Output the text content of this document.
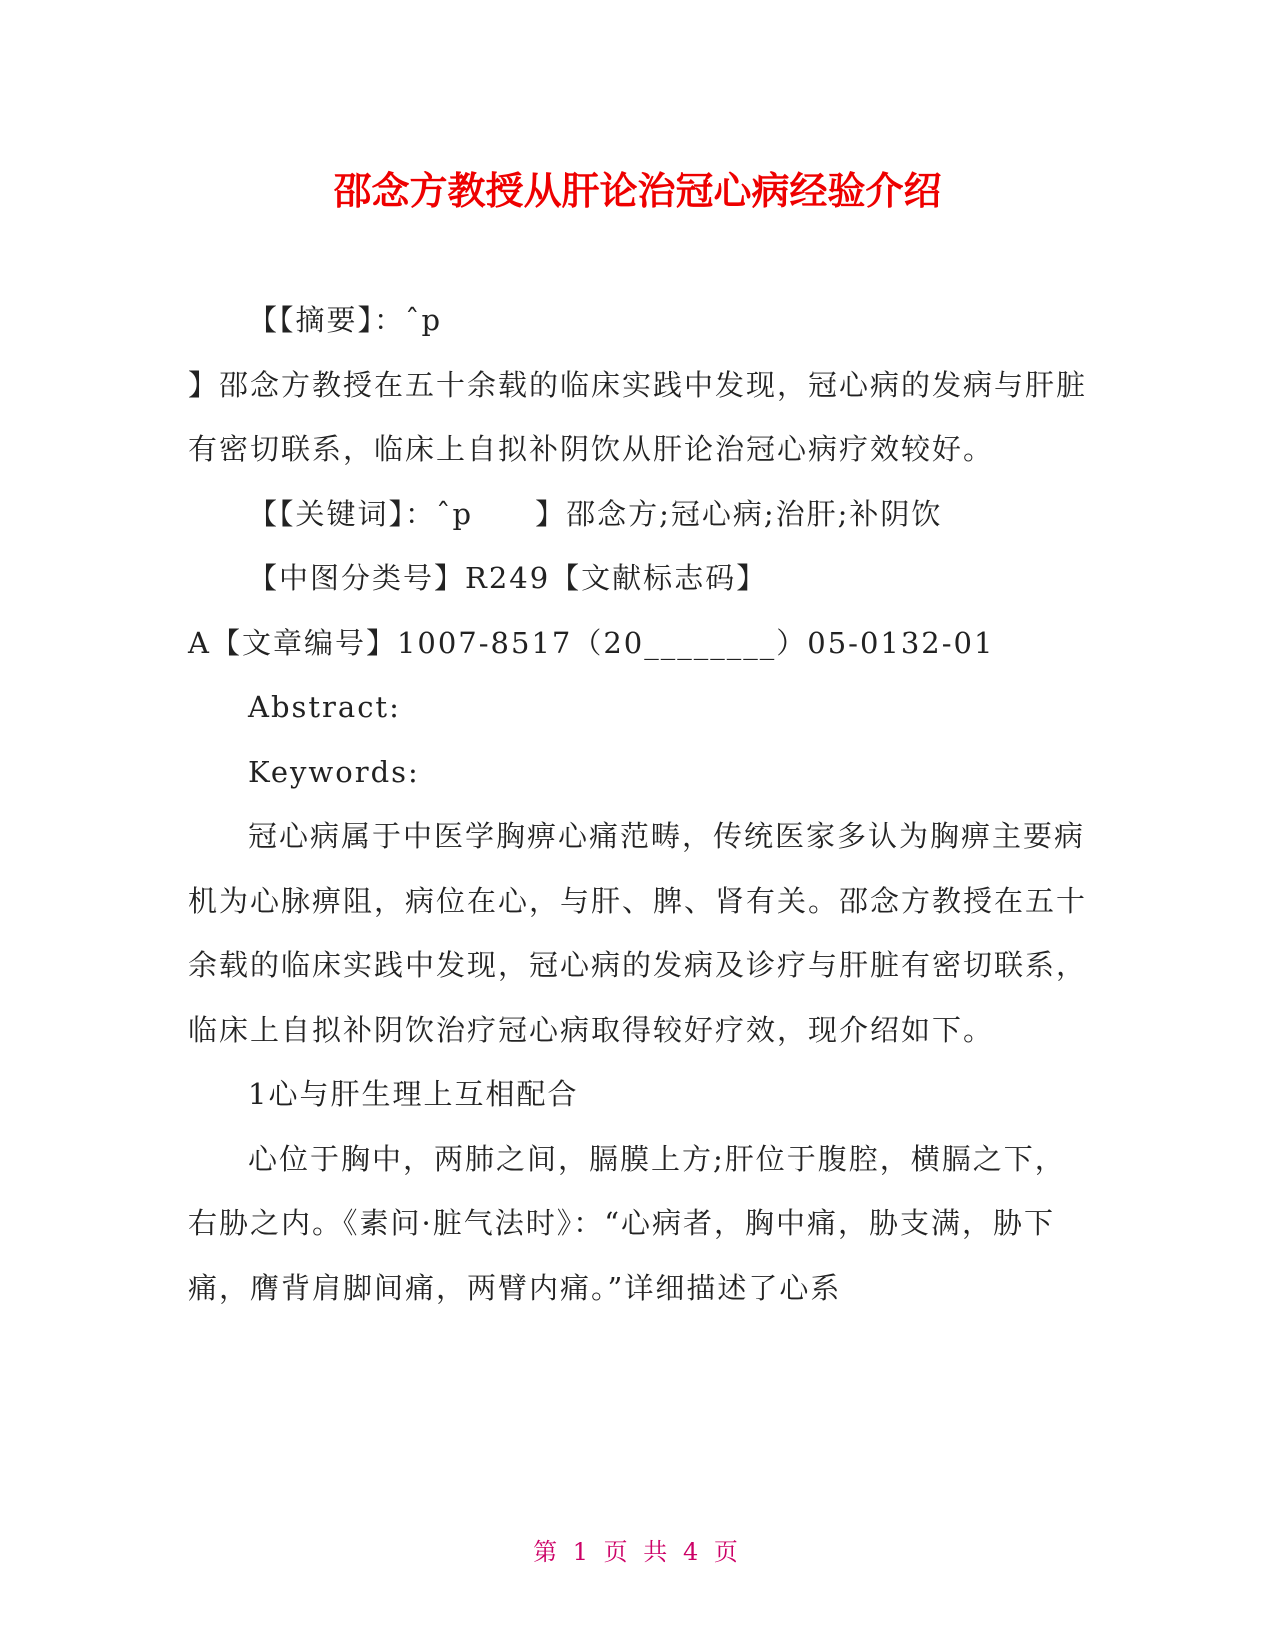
邵念方教授从肝论治冠心病经验介绍

【【摘要】：ˆp

】邵念方教授在五十余载的临床实践中发现，冠心病的发病与肝脏有密切联系，临床上自拟补阴饮从肝论治冠心病疗效较好。

【【关键词】：ˆp　　】邵念方;冠心病;治肝;补阴饮

【中图分类号】R249【文献标志码】

A【文章编号】1007-8517（20________）05-0132-01

Abstract:

Keywords:

冠心病属于中医学胸痹心痛范畴，传统医家多认为胸痹主要病机为心脉痹阻，病位在心，与肝、脾、肾有关。邵念方教授在五十余载的临床实践中发现，冠心病的发病及诊疗与肝脏有密切联系，临床上自拟补阴饮治疗冠心病取得较好疗效，现介绍如下。

1心与肝生理上互相配合

心位于胸中，两肺之间，膈膜上方;肝位于腹腔，横膈之下，右胁之内。《素问·脏气法时》：“心病者，胸中痛，胁支满，胁下痛，膺背肩脚间痛，两臂内痛。”详细描述了心系

第 1 页 共 4 页
